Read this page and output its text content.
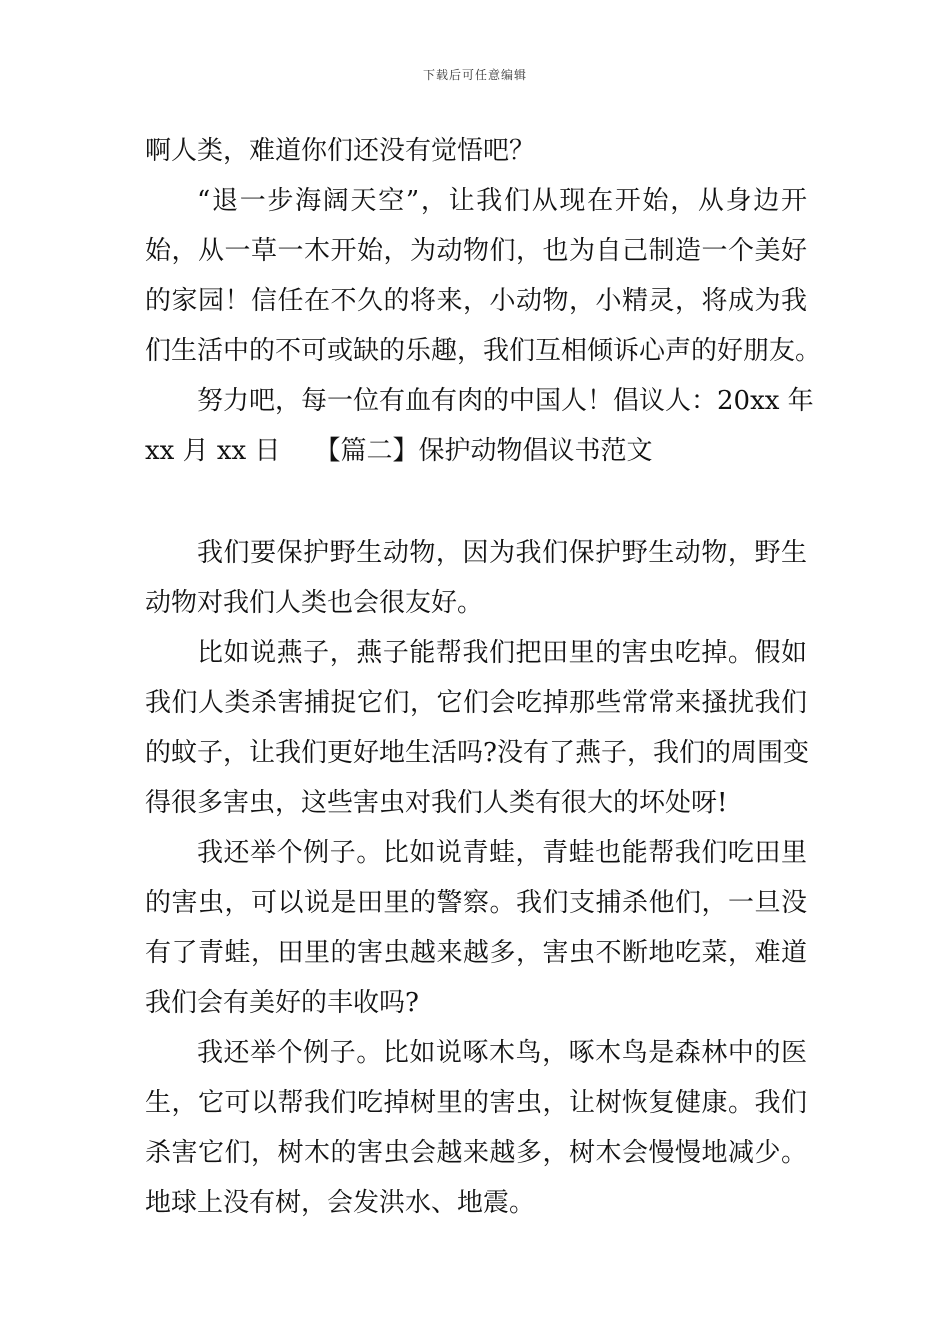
下载后可任意编辑
啊人类，难道你们还没有觉悟吧？
“退一步海阔天空”，让我们从现在开始，从身边开
始，从一草一木开始，为动物们，也为自己制造一个美好
的家园！信任在不久的将来，小动物，小精灵，将成为我
们生活中的不可或缺的乐趣，我们互相倾诉心声的好朋友。
努力吧，每一位有血有肉的中国人！倡议人：20xx 年
xx 月 xx 日 【篇二】保护动物倡议书范文
我们要保护野生动物，因为我们保护野生动物，野生
动物对我们人类也会很友好。
比如说燕子，燕子能帮我们把田里的害虫吃掉。假如
我们人类杀害捕捉它们，它们会吃掉那些常常来搔扰我们
的蚊子，让我们更好地生活吗?没有了燕子，我们的周围变
得很多害虫，这些害虫对我们人类有很大的坏处呀!
我还举个例子。比如说青蛙，青蛙也能帮我们吃田里
的害虫，可以说是田里的警察。我们支捕杀他们，一旦没
有了青蛙，田里的害虫越来越多，害虫不断地吃菜，难道
我们会有美好的丰收吗?
我还举个例子。比如说啄木鸟，啄木鸟是森林中的医
生，它可以帮我们吃掉树里的害虫，让树恢复健康。我们
杀害它们，树木的害虫会越来越多，树木会慢慢地减少。
地球上没有树，会发洪水、地震。
